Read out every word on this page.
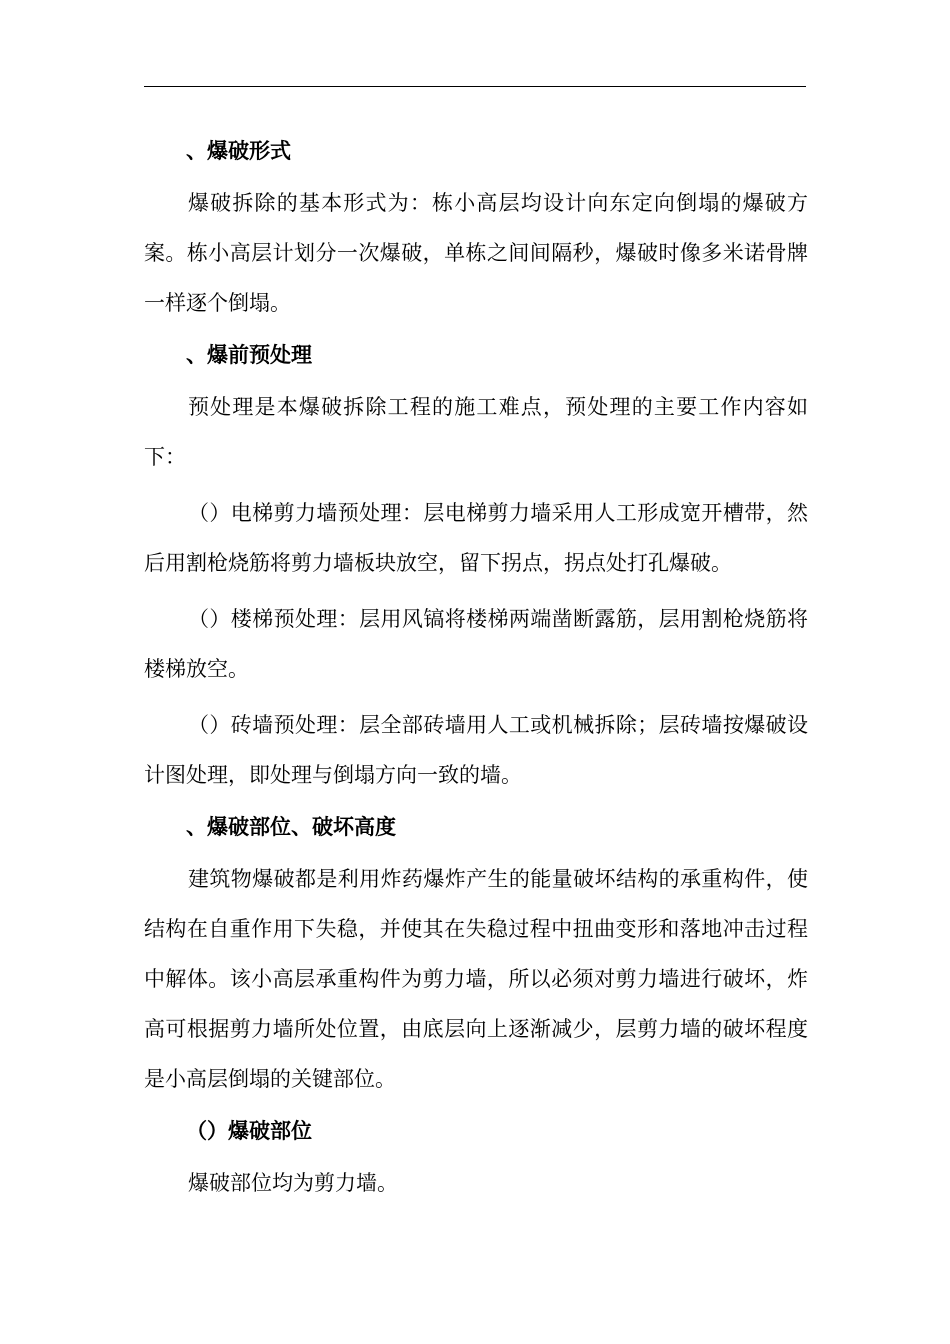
、爆破形式

爆破拆除的基本形式为：栋小高层均设计向东定向倒塌的爆破方案。栋小高层计划分一次爆破，单栋之间间隔秒，爆破时像多米诺骨牌一样逐个倒塌。

、爆前预处理

预处理是本爆破拆除工程的施工难点，预处理的主要工作内容如下：

（）电梯剪力墙预处理：层电梯剪力墙采用人工形成宽开槽带，然后用割枪烧筋将剪力墙板块放空，留下拐点，拐点处打孔爆破。

（）楼梯预处理：层用风镐将楼梯两端凿断露筋，层用割枪烧筋将楼梯放空。

（）砖墙预处理：层全部砖墙用人工或机械拆除；层砖墙按爆破设计图处理，即处理与倒塌方向一致的墙。

、爆破部位、破坏高度

建筑物爆破都是利用炸药爆炸产生的能量破坏结构的承重构件，使结构在自重作用下失稳，并使其在失稳过程中扭曲变形和落地冲击过程中解体。该小高层承重构件为剪力墙，所以必须对剪力墙进行破坏，炸高可根据剪力墙所处位置，由底层向上逐渐减少，层剪力墙的破坏程度是小高层倒塌的关键部位。

（）爆破部位

爆破部位均为剪力墙。
